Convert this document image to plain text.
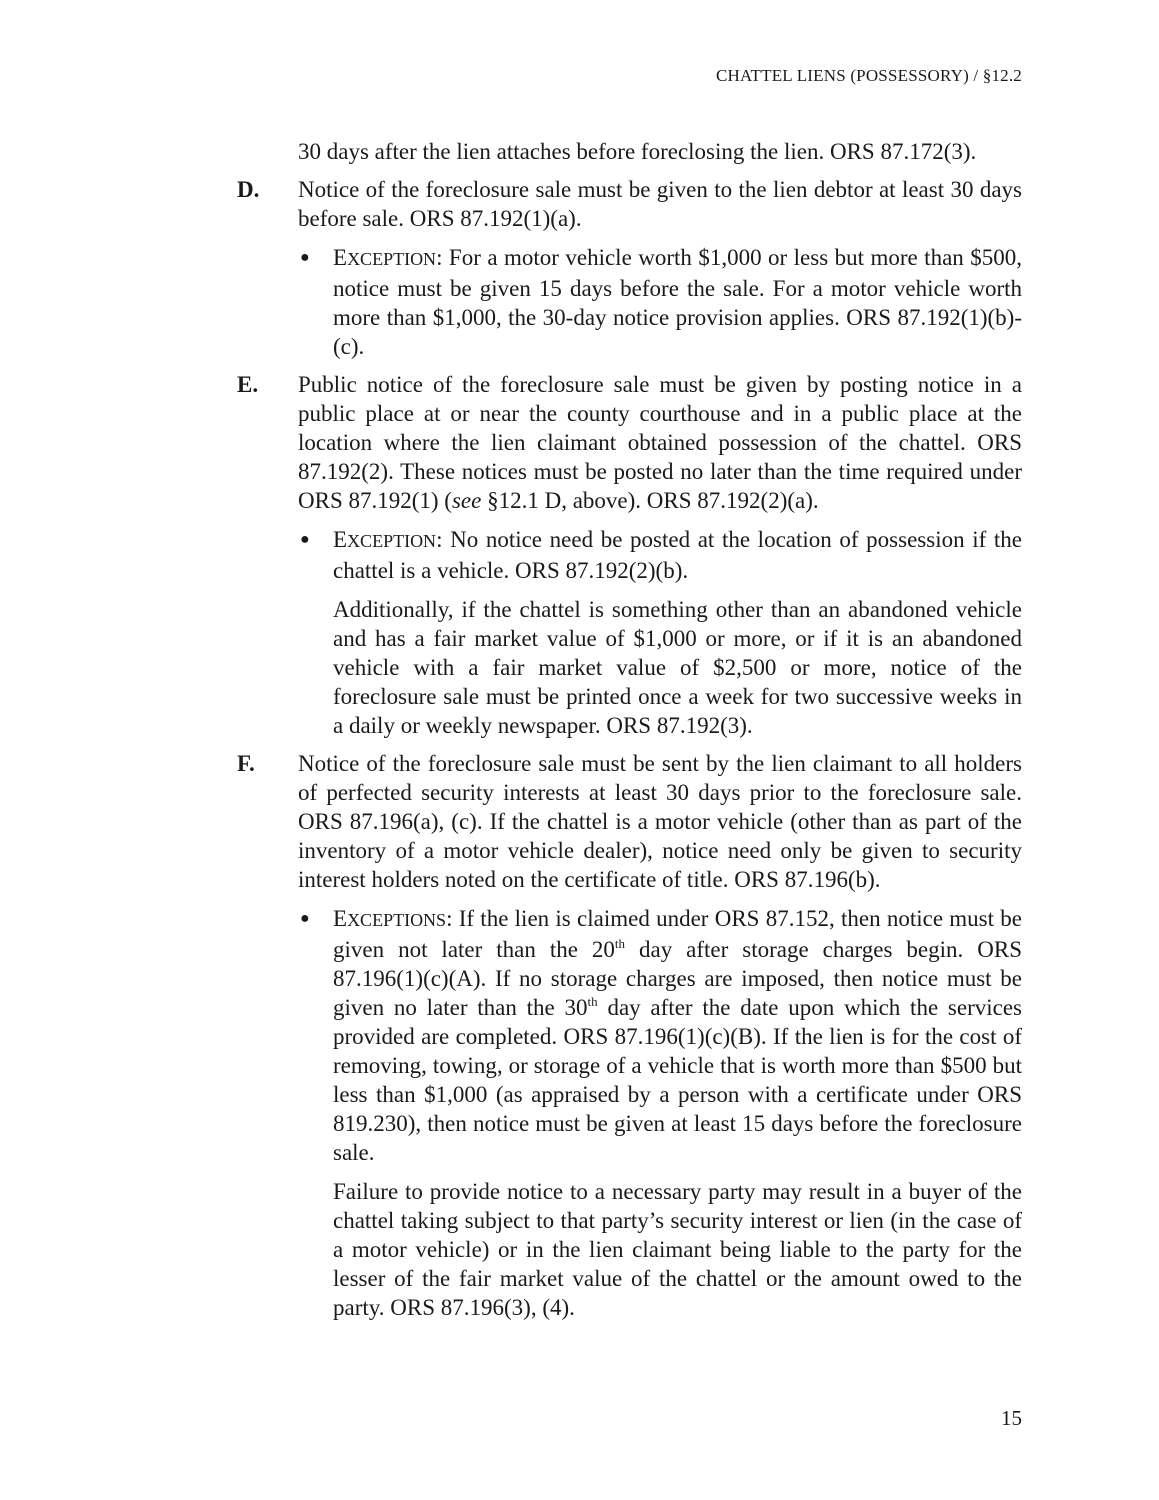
CHATTEL LIENS (POSSESSORY) / §12.2

30 days after the lien attaches before foreclosing the lien. ORS 87.172(3).

D. Notice of the foreclosure sale must be given to the lien debtor at least 30 days before sale. ORS 87.192(1)(a).

● EXCEPTION: For a motor vehicle worth $1,000 or less but more than $500, notice must be given 15 days before the sale. For a motor vehicle worth more than $1,000, the 30-day notice provision applies. ORS 87.192(1)(b)-(c).

E. Public notice of the foreclosure sale must be given by posting notice in a public place at or near the county courthouse and in a public place at the location where the lien claimant obtained possession of the chattel. ORS 87.192(2). These notices must be posted no later than the time required under ORS 87.192(1) (see §12.1 D, above). ORS 87.192(2)(a).

● EXCEPTION: No notice need be posted at the location of possession if the chattel is a vehicle. ORS 87.192(2)(b).

Additionally, if the chattel is something other than an abandoned vehicle and has a fair market value of $1,000 or more, or if it is an abandoned vehicle with a fair market value of $2,500 or more, notice of the foreclosure sale must be printed once a week for two successive weeks in a daily or weekly newspaper. ORS 87.192(3).

F. Notice of the foreclosure sale must be sent by the lien claimant to all holders of perfected security interests at least 30 days prior to the foreclosure sale. ORS 87.196(a), (c). If the chattel is a motor vehicle (other than as part of the inventory of a motor vehicle dealer), notice need only be given to security interest holders noted on the certificate of title. ORS 87.196(b).

● EXCEPTIONS: If the lien is claimed under ORS 87.152, then notice must be given not later than the 20th day after storage charges begin. ORS 87.196(1)(c)(A). If no storage charges are imposed, then notice must be given no later than the 30th day after the date upon which the services provided are completed. ORS 87.196(1)(c)(B). If the lien is for the cost of removing, towing, or storage of a vehicle that is worth more than $500 but less than $1,000 (as appraised by a person with a certificate under ORS 819.230), then notice must be given at least 15 days before the foreclosure sale.

Failure to provide notice to a necessary party may result in a buyer of the chattel taking subject to that party’s security interest or lien (in the case of a motor vehicle) or in the lien claimant being liable to the party for the lesser of the fair market value of the chattel or the amount owed to the party. ORS 87.196(3), (4).

15
